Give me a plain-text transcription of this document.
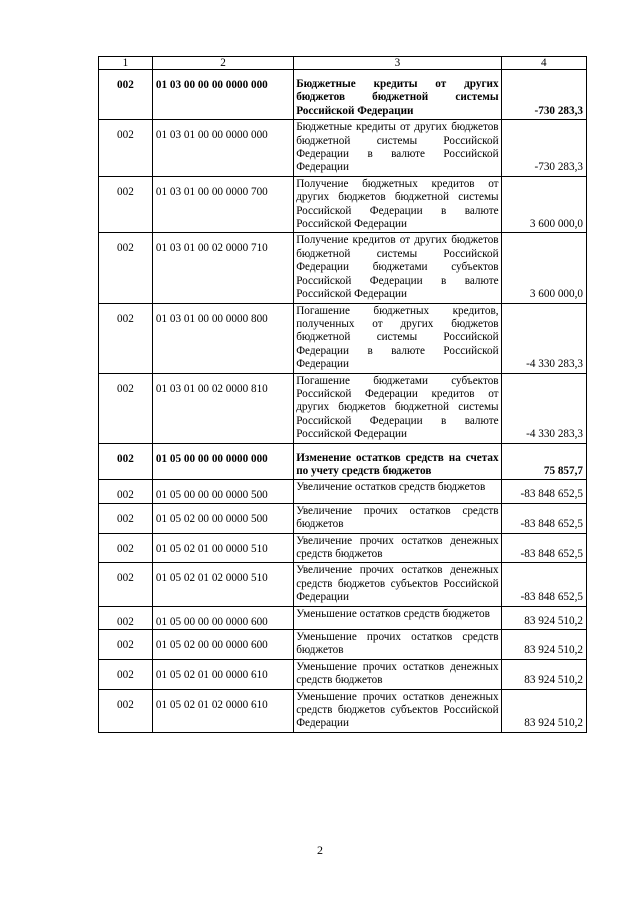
1	2	3	4
002	01 03 00 00 00 0000 000	Бюджетные кредиты от других бюджетов бюджетной системы Российской Федерации	-730 283,3
002	01 03 01 00 00 0000 000	Бюджетные кредиты от других бюджетов бюджетной системы Российской Федерации в валюте Российской Федерации	-730 283,3
002	01 03 01 00 00 0000 700	Получение бюджетных кредитов от других бюджетов бюджетной системы Российской Федерации в валюте Российской Федерации	3 600 000,0
002	01 03 01 00 02 0000 710	Получение кредитов от других бюджетов бюджетной системы Российской Федерации бюджетами субъектов Российской Федерации в валюте Российской Федерации	3 600 000,0
002	01 03 01 00 00 0000 800	Погашение бюджетных кредитов, полученных от других бюджетов бюджетной системы Российской Федерации в валюте Российской Федерации	-4 330 283,3
002	01 03 01 00 02 0000 810	Погашение бюджетами субъектов Российской Федерации кредитов от других бюджетов бюджетной системы Российской Федерации в валюте Российской Федерации	-4 330 283,3
002	01 05 00 00 00 0000 000	Изменение остатков средств на счетах по учету средств бюджетов	75 857,7
002	01 05 00 00 00 0000 500	Увеличение остатков средств бюджетов	-83 848 652,5
002	01 05 02 00 00 0000 500	Увеличение прочих остатков средств бюджетов	-83 848 652,5
002	01 05 02 01 00 0000 510	Увеличение прочих остатков денежных средств бюджетов	-83 848 652,5
002	01 05 02 01 02 0000 510	Увеличение прочих остатков денежных средств бюджетов субъектов Российской Федерации	-83 848 652,5
002	01 05 00 00 00 0000 600	Уменьшение остатков средств бюджетов	83 924 510,2
002	01 05 02 00 00 0000 600	Уменьшение прочих остатков средств бюджетов	83 924 510,2
002	01 05 02 01 00 0000 610	Уменьшение прочих остатков денежных средств бюджетов	83 924 510,2
002	01 05 02 01 02 0000 610	Уменьшение прочих остатков денежных средств бюджетов субъектов Российской Федерации	83 924 510,2
2
